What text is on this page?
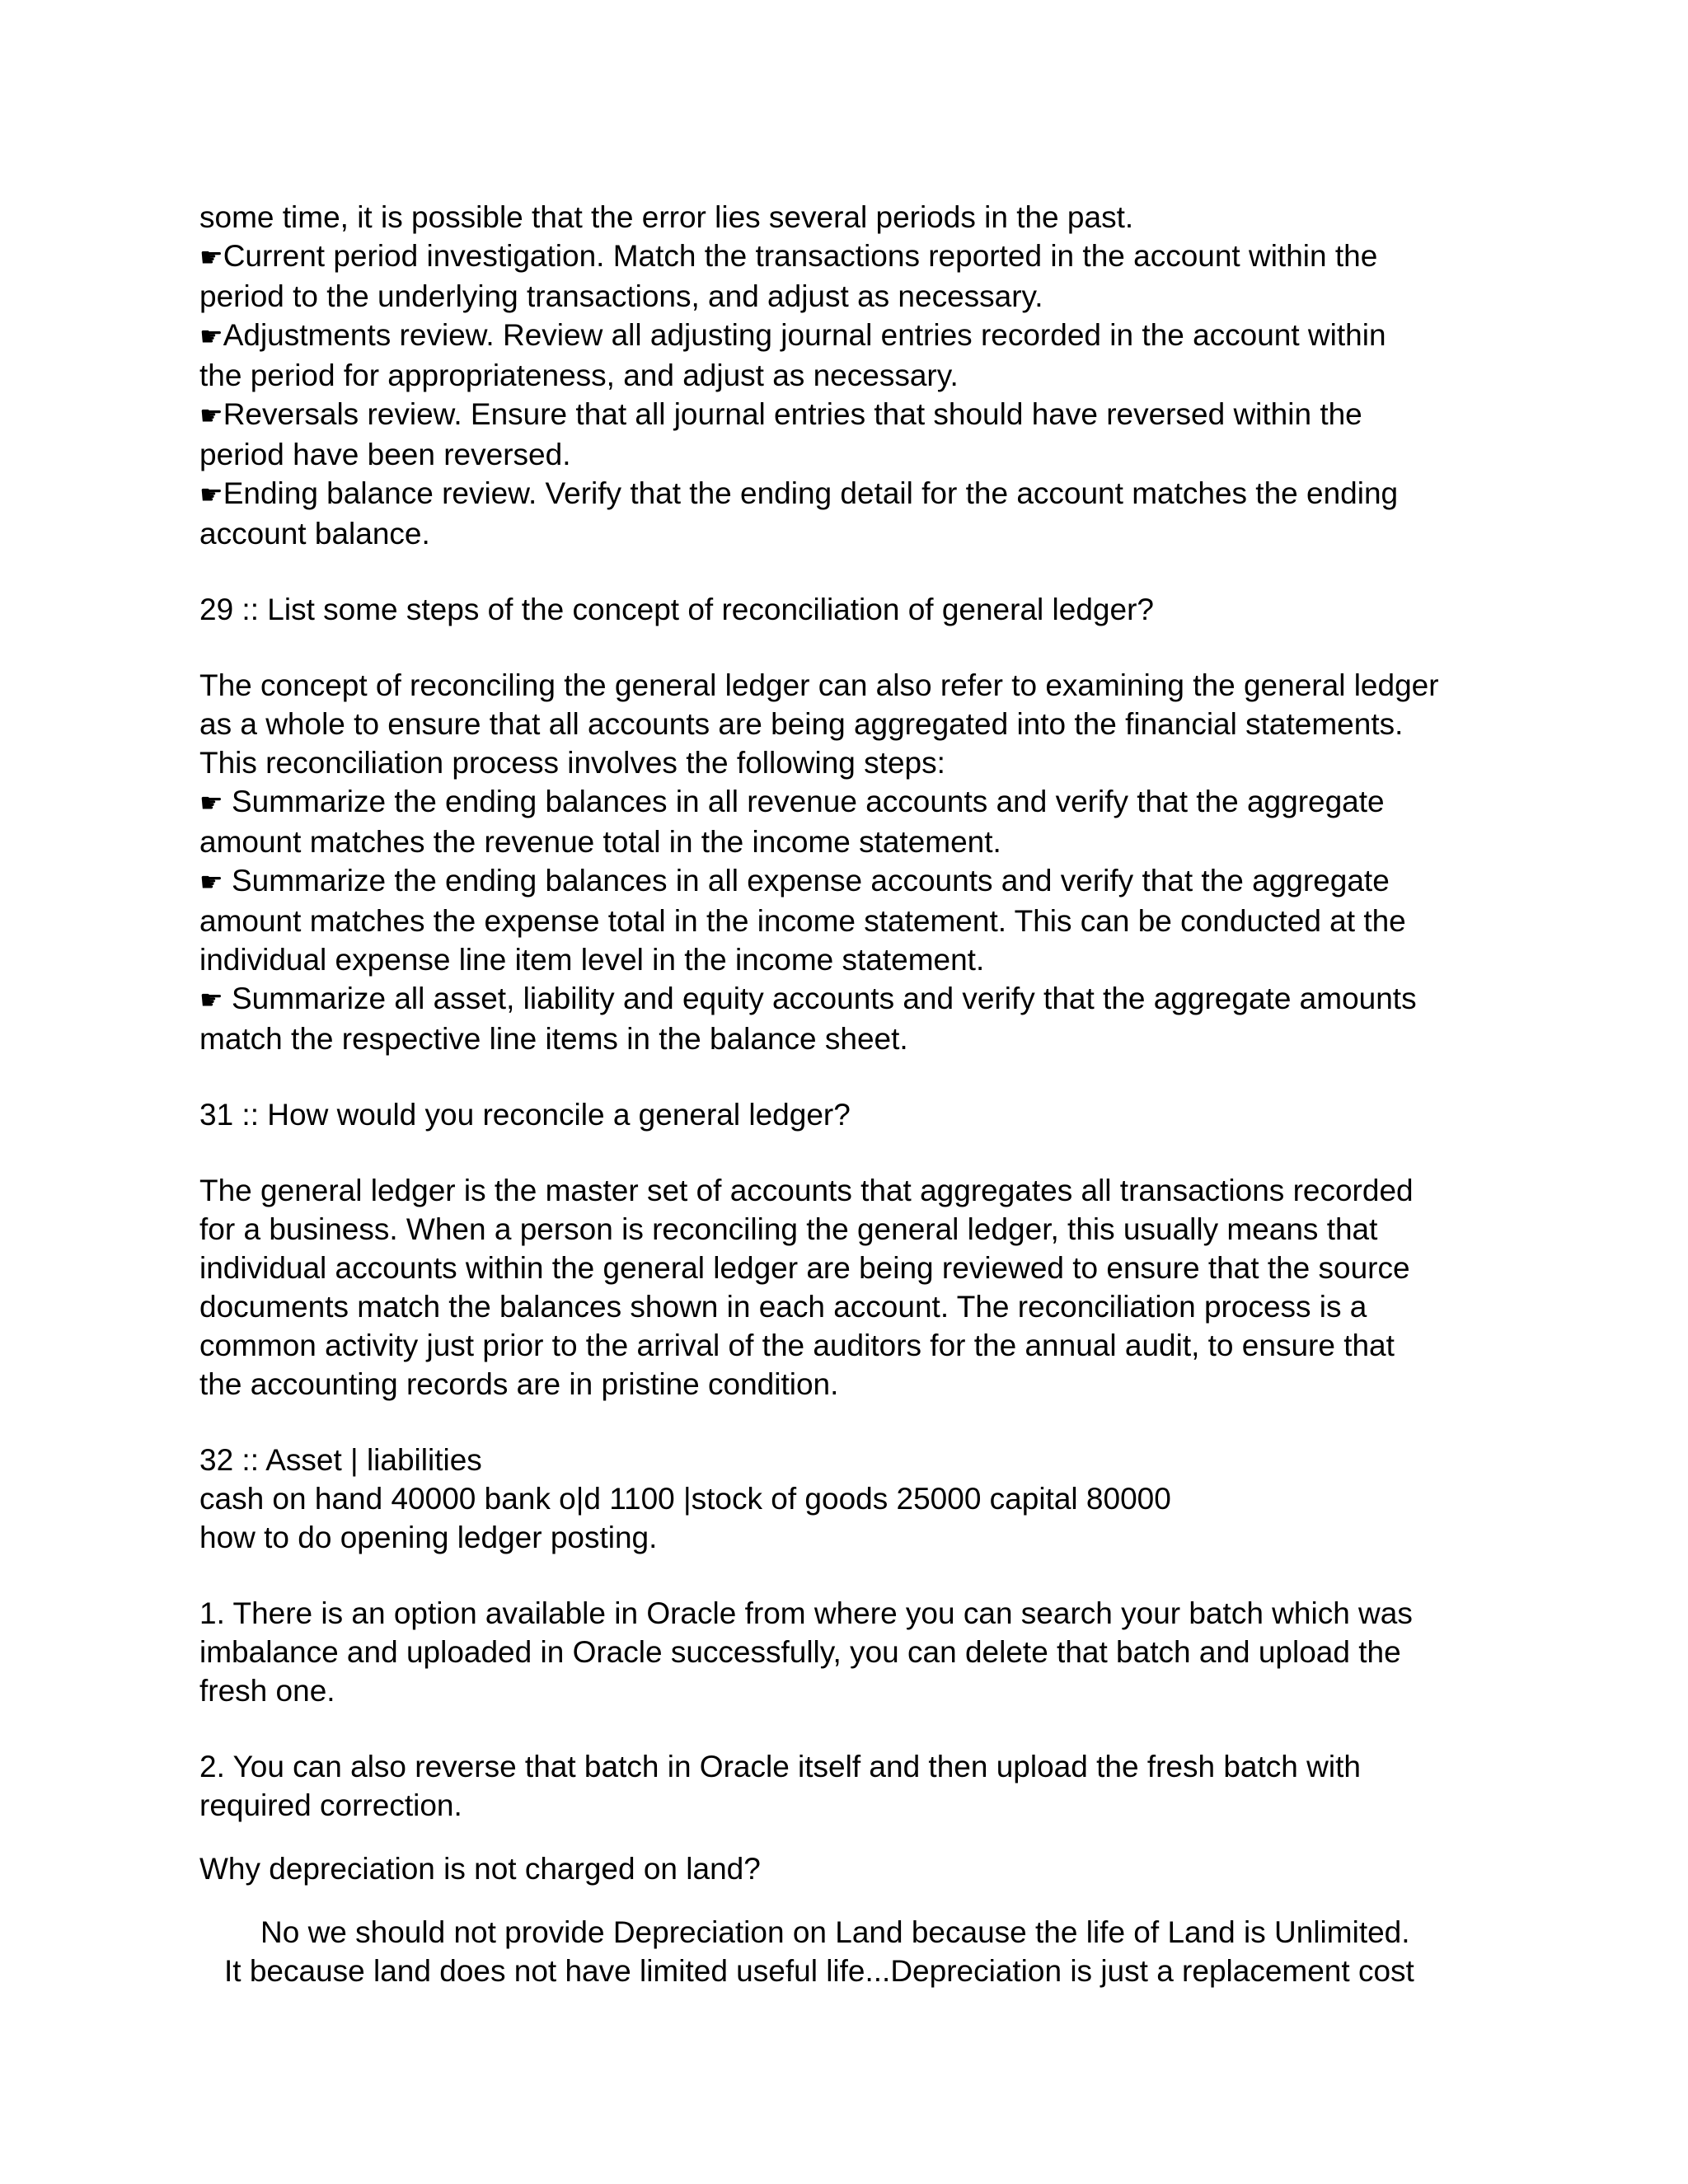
some time, it is possible that the error lies several periods in the past.
☛Current period investigation. Match the transactions reported in the account within the
period to the underlying transactions, and adjust as necessary.
☛Adjustments review. Review all adjusting journal entries recorded in the account within
the period for appropriateness, and adjust as necessary.
☛Reversals review. Ensure that all journal entries that should have reversed within the
period have been reversed.
☛Ending balance review. Verify that the ending detail for the account matches the ending
account balance.
29 :: List some steps of the concept of reconciliation of general ledger?
The concept of reconciling the general ledger can also refer to examining the general ledger
as a whole to ensure that all accounts are being aggregated into the financial statements.
This reconciliation process involves the following steps:
☛ Summarize the ending balances in all revenue accounts and verify that the aggregate
amount matches the revenue total in the income statement.
☛ Summarize the ending balances in all expense accounts and verify that the aggregate
amount matches the expense total in the income statement. This can be conducted at the
individual expense line item level in the income statement.
☛ Summarize all asset, liability and equity accounts and verify that the aggregate amounts
match the respective line items in the balance sheet.
31 :: How would you reconcile a general ledger?
The general ledger is the master set of accounts that aggregates all transactions recorded
for a business. When a person is reconciling the general ledger, this usually means that
individual accounts within the general ledger are being reviewed to ensure that the source
documents match the balances shown in each account. The reconciliation process is a
common activity just prior to the arrival of the auditors for the annual audit, to ensure that
the accounting records are in pristine condition.
32 :: Asset | liabilities
cash on hand 40000 bank o|d 1100 |stock of goods 25000 capital 80000
how to do opening ledger posting.
1. There is an option available in Oracle from where you can search your batch which was
imbalance and uploaded in Oracle successfully, you can delete that batch and upload the
fresh one.
2. You can also reverse that batch in Oracle itself and then upload the fresh batch with
required correction.
Why depreciation is not charged on land?
No we should not provide Depreciation on Land because the life of Land is Unlimited.
It because land does not have limited useful life...Depreciation is just a replacement cost
